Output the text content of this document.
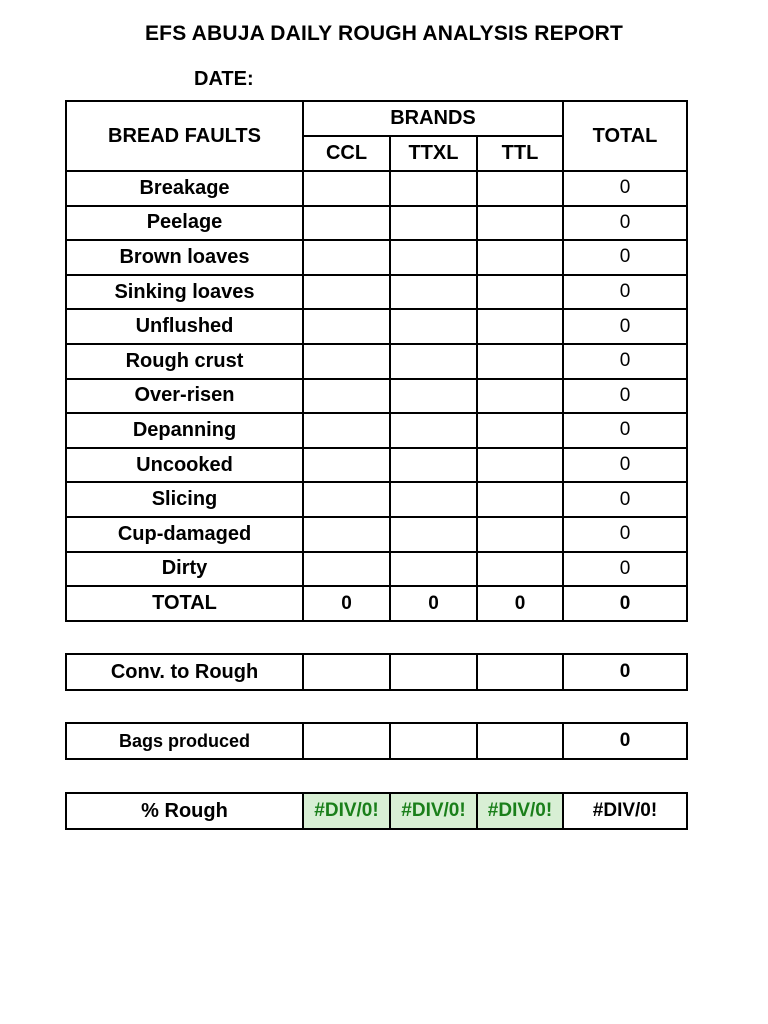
EFS ABUJA DAILY ROUGH ANALYSIS REPORT
DATE:
BREAD FAULTS	BRANDS			TOTAL
	CCL	TTXL	TTL	
Breakage				0
Peelage				0
Brown loaves				0
Sinking loaves				0
Unflushed				0
Rough crust				0
Over-risen				0
Depanning				0
Uncooked				0
Slicing				0
Cup-damaged				0
Dirty				0
TOTAL	0	0	0	0
Conv. to Rough				0
Bags produced				0
% Rough	#DIV/0!	#DIV/0!	#DIV/0!	#DIV/0!
